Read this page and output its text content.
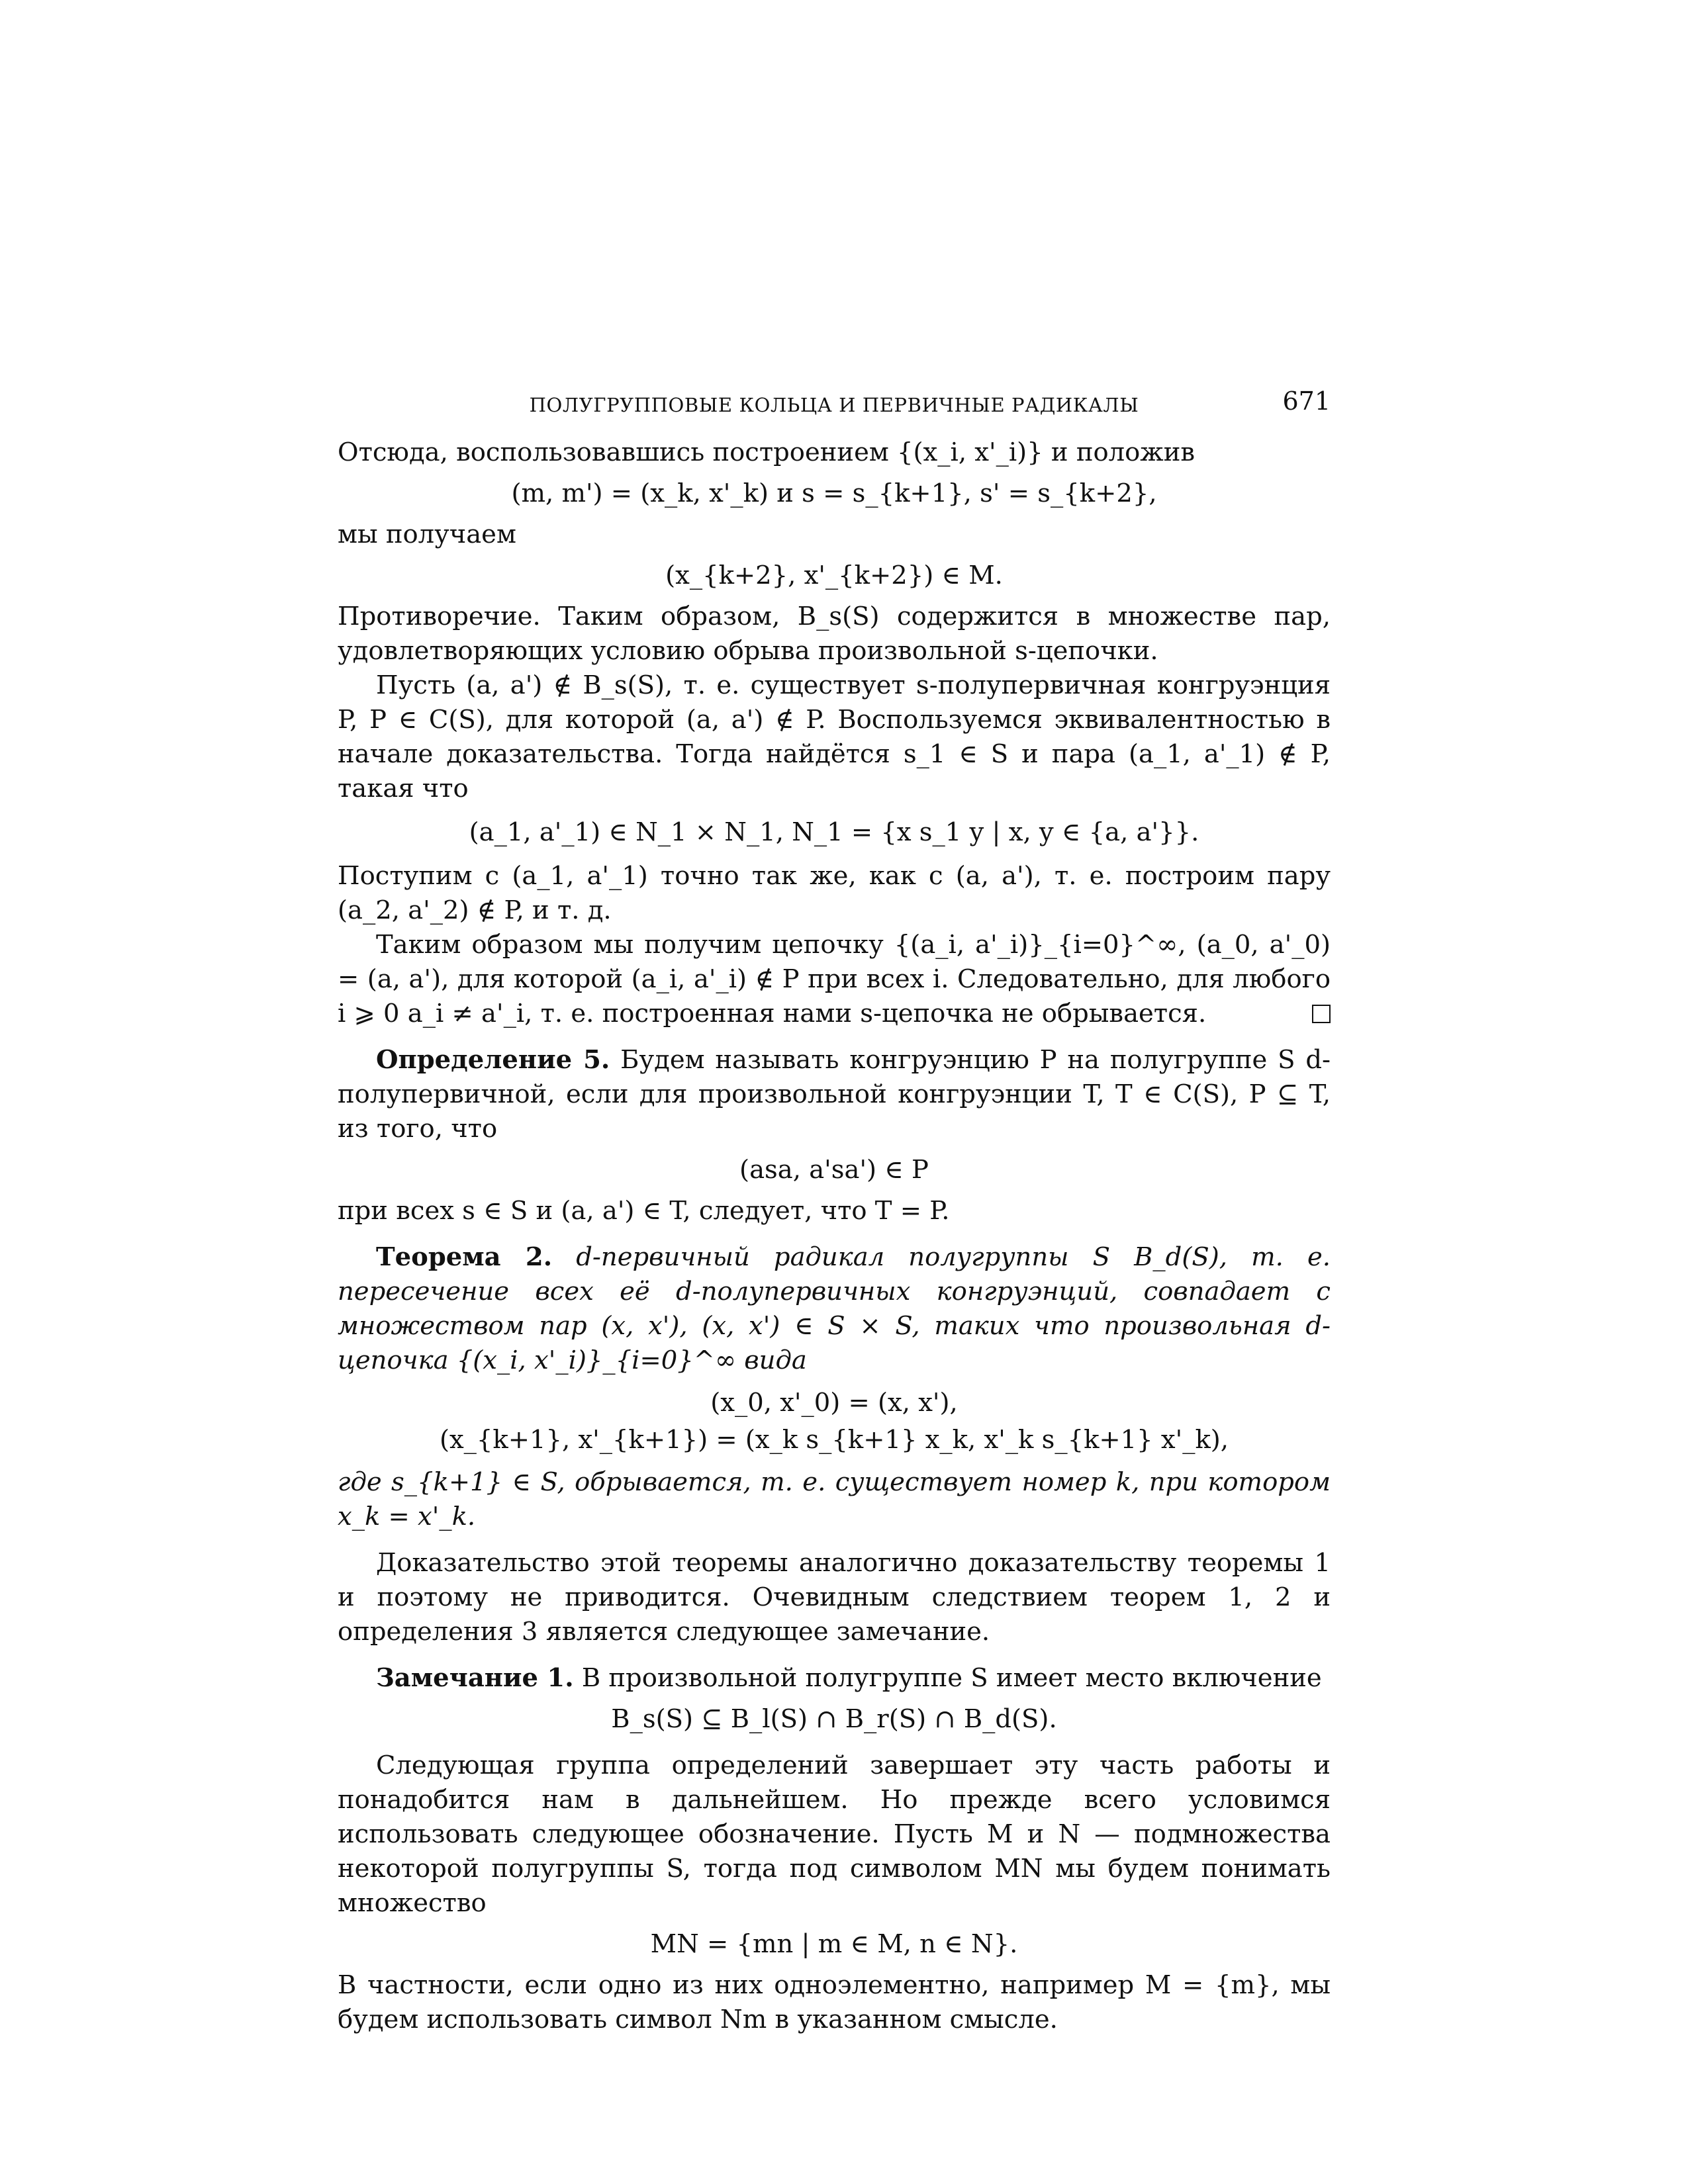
ПОЛУГРУППОВЫЕ КОЛЬЦА И ПЕРВИЧНЫЕ РАДИКАЛЫ	671

Отсюда, воспользовавшись построением {(x_i, x'_i)} и положив

(m, m') = (x_k, x'_k) и s = s_{k+1}, s' = s_{k+2},

мы получаем

(x_{k+2}, x'_{k+2}) ∈ M.

Противоречие. Таким образом, B_s(S) содержится в множестве пар, удовлетворяющих условию обрыва произвольной s-цепочки.

Пусть (a, a') ∉ B_s(S), т. е. существует s-полупервичная конгруэнция P, P ∈ C(S), для которой (a, a') ∉ P. Воспользуемся эквивалентностью в начале доказательства. Тогда найдётся s_1 ∈ S и пара (a_1, a'_1) ∉ P, такая что

(a_1, a'_1) ∈ N_1 × N_1, N_1 = {x s_1 y | x, y ∈ {a, a'}}.

Поступим с (a_1, a'_1) точно так же, как с (a, a'), т. е. построим пару (a_2, a'_2) ∉ P, и т. д.

Таким образом мы получим цепочку {(a_i, a'_i)}_{i=0}^∞, (a_0, a'_0) = (a, a'), для которой (a_i, a'_i) ∉ P при всех i. Следовательно, для любого i ⩾ 0 a_i ≠ a'_i, т. е. построенная нами s-цепочка не обрывается.

Определение 5. Будем называть конгруэнцию P на полугруппе S d-полупервичной, если для произвольной конгруэнции T, T ∈ C(S), P ⊆ T, из того, что

(asa, a'sa') ∈ P

при всех s ∈ S и (a, a') ∈ T, следует, что T = P.

Теорема 2. d-первичный радикал полугруппы S B_d(S), т. е. пересечение всех её d-полупервичных конгруэнций, совпадает с множеством пар (x, x'), (x, x') ∈ S × S, таких что произвольная d-цепочка {(x_i, x'_i)}_{i=0}^∞ вида

(x_0, x'_0) = (x, x'),
(x_{k+1}, x'_{k+1}) = (x_k s_{k+1} x_k, x'_k s_{k+1} x'_k),

где s_{k+1} ∈ S, обрывается, т. е. существует номер k, при котором x_k = x'_k.

Доказательство этой теоремы аналогично доказательству теоремы 1 и поэтому не приводится. Очевидным следствием теорем 1, 2 и определения 3 является следующее замечание.

Замечание 1. В произвольной полугруппе S имеет место включение

B_s(S) ⊆ B_l(S) ∩ B_r(S) ∩ B_d(S).

Следующая группа определений завершает эту часть работы и понадобится нам в дальнейшем. Но прежде всего условимся использовать следующее обозначение. Пусть M и N — подмножества некоторой полугруппы S, тогда под символом MN мы будем понимать множество

MN = {mn | m ∈ M, n ∈ N}.

В частности, если одно из них одноэлементно, например M = {m}, мы будем использовать символ Nm в указанном смысле.
